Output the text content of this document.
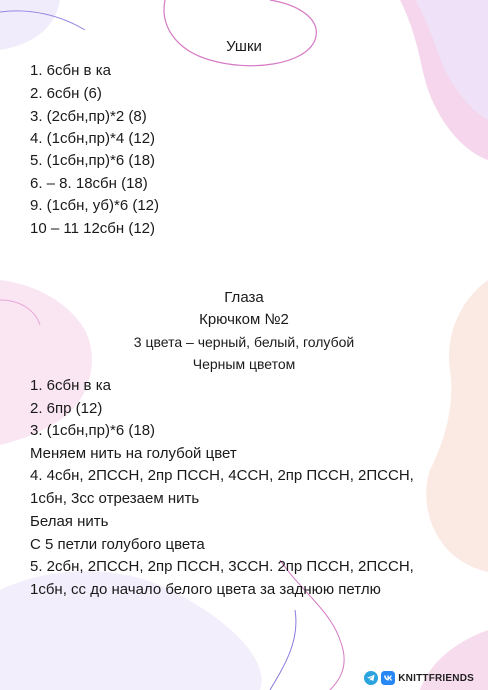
Ушки
1. 6сбн в ка
2. 6сбн (6)
3. (2сбн,пр)*2 (8)
4. (1сбн,пр)*4 (12)
5. (1сбн,пр)*6 (18)
6. – 8. 18сбн (18)
9. (1сбн, уб)*6 (12)
10 – 11 12сбн (12)
Глаза
Крючком №2
3 цвета – черный, белый, голубой
Черным цветом
1. 6сбн в ка
2. 6пр (12)
3. (1сбн,пр)*6 (18)
Меняем нить на голубой цвет
4. 4сбн, 2ПССН, 2пр ПССН, 4ССН, 2пр ПССН, 2ПССН,
1сбн, 3сс отрезаем нить
Белая нить
С 5 петли голубого цвета
5. 2сбн, 2ПССН, 2пр ПССН, 3ССН. 2пр ПССН, 2ПССН,
1сбн, сс до начало белого цвета за заднюю петлю
KNITTFRIENDS
